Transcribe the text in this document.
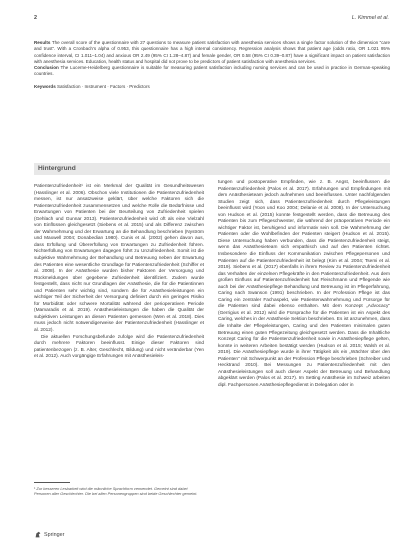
2	L. Kimmel et al.

Results The overall score of the questionnaire with 27 questions to measure patient satisfaction with anesthesia services shows a single factor solution of the dimension “care and trust”. With a Cronbach’s alpha of 0.953, this questionnaire has a high internal consistency. Regression analysis shows that patient age (odds ratio, OR 1.021 95% confidence interval, CI 1.011–1.04) and anxious OR 2.49 (95% CI 1.28–4.87) and female gender, OR 0.58 (95% CI 0.39–0.87) have a significant impact on patient satisfaction with anesthesia services. Education, health status and hospital did not prove to be predictors of patient satisfaction with anesthesia services.

Conclusion The Lucerne-Heidelberg questionnaire is suitable for measuring patient satisfaction including nursing services and can be used in practice in German-speaking countries.

Keywords Satisfaction · Instrument · Factors · Predictors

Hintergrund

Patientenzufriedenheit¹ ist ein Merkmal der Qualität im Gesundheitswesen (Hasslinger et al. 2006). Obschon viele Institutionen die Patientenzufriedenheit messen, ist nur ansatzweise geklärt, über welche Faktoren sich die Patientenzufriedenheit zusammensetzen und welche Rolle die Bedürfnisse und Erwartungen von Patienten bei der Beurteilung von Zufriedenheit spielen (Gehlach und Gunnar 2013). Patientenzufriedenheit wird oft als eine Vielzahl von Einflüssen gleichgesetzt (Siebens et al. 2015) und als Differenz zwischen der Wahrnehmung und der Erwartung an die Behandlung beschrieben (Nyström und Maxwell 2004; Donabedian 1980). Cunis et al. (2002) gehen davon aus, dass Erfüllung und Übererfüllung von Erwartungen zu Zufriedenheit führen. Nichterfüllung von Erwartungen dagegen führt zu Unzufriedenheit. Somit ist die subjektive Wahrnehmung der Behandlung und Betreuung neben der Erwartung des Patienten eine wesentliche Grundlage für Patientenzufriedenheit (Schiffer et al. 2008). In der Anästhesie wurden bisher Faktoren der Versorgung und Rückmeldungen über gegebene Zufriedenheit identifiziert. Zudem wurde festgestellt, dass nicht nur Grundlagen der Anästhesie, die für die Patientinnen und Patienten sehr wichtig sind, sondern die für Anästhesieleistungen ein wichtiger Teil der Sicherheit der Versorgung definiert durch ein geringes Risiko für Morbidität oder schwere Mortalität während der perioperativen Periode (Mamaradis et al. 2019). Anästhesieleistungen die haben die Qualität der subjektiven Leistungen an diesen Patienten gemessen (Wen et al. 2018). Dies muss jedoch nicht notwendigerweise der Patientenzufriedenheit (Hasslinger et al. 2012).

Die aktuellen Forschungsbefunde zufolge wird die Patientenzufriedenheit durch mehrere Faktoren beeinflusst. Einige dieser Faktoren sind patientenbezogen (z. B. Alter, Geschlecht, Bildung) und nicht veränderbar (Yen et al. 2012). Auch vorgängige Erfahrungen mit Anästhesieleis-

tungen und postoperative Empfinden, wie z. B. Angst, beeinflussen die Patientenzufriedenheit (Palos et al. 2017). Erfahrungen und Empfindungen mit dem Anästhesieteam jedoch aufnehmen und beeinflussen. Unter nachfolgenden Studien zeigt sich, dass Patientenzufriedenheit durch Pflegeleistungen beeinflusst wird (Yoon und Koo 2004; Delanie et al. 2008). In der Untersuchung von Hudson et al. (2015) konnte festgestellt werden, dass die Betreuung des Patienten bis zum Pflegeschwester, die während der präoperativen Periode ein wichtiger Faktor ist, beruhigend und informativ sein soll. Die Wahrnehmung der Patienten oder die Wohlbefinden der Patienten steigert (Hudson et al. 2015). Diese Untersuchung haben verbunden, dass die Patientenzufriedenheit steigt, wenn das Anästhesieteam sich empathisch und auf den Patienten richtet. Insbesondere die Einfluss der Kommunikation zwischen Pflegepersonen und Patienten auf die Patientenzufriedenheit ist belegt (Kim et al. 2004; Tsemi et al. 2019). Siebens et al. (2017) ebenfalls in ihrem Review zu Patientenzufriedenheit das Verhalten der einzelnen Pflegekräfte in den Patientenzufriedenheit. Aus dem großen Einfluss auf Patientenzufriedenheit hat Fleischmann und Pflegende wie auch bei der Anästhesiepflege Behandlung und Betreuung ist im Pflegerfahrung, Caring nach Swanson (1991) beschrieben. In der Profession Pflege ist das Caring ein zentraler Fachaspekt, wie Patientenwahrnehmung und Fürsorge für die Patienten sind dabei ebenso enthalten. Mit dem Konzept „Advocacy“ (Gerrigius et al. 2012) wird die Fürsprache für die Patienten ist ein Aspekt des Caring, welches in der Anästhesie Sektion beschrieben. Es ist anzunehmen, dass die Inhalte der Pflegeleistungen, Caring und den Patienten minimalen guten Betreuung einen guten Pflegezeitung gleichgesetzt werden. Dass die Inhaltliche Konzept Caring für die Patientenzufriedenheit sowie in Anästhesiepflege gelten, konnte in weiteren Arbeiten bestätigt werden (Hudson et al. 2015; Walsh et al. 2019). Die Anästhesiepflege wurde in ihrer Tätigkeit als ein „Wächter über den Patienten“ mit Schwerpunkt an der Profession Pflege beschrieben (Schreiber und Hecktrand 2010). Bei Messungen zu Patientenzufriedenheit mit den Anästhesieleistungen soll auch dieser Aspekt der Betreuung und Behandlung abgeklärt werden (Palos et al. 2017). Im Setting Anästhesie im Schweiz arbeiten dipl. Fachpersonen Anästhesiepflegedienst in Delegation oder in

¹ Zur besseren Lesbarkeit wird die männliche Sprachform verwendet. Gemeint sind dabei Personen aller Geschlechter. Die bei allen Personengruppen sind beide Geschlechter gemeint.
Springer
